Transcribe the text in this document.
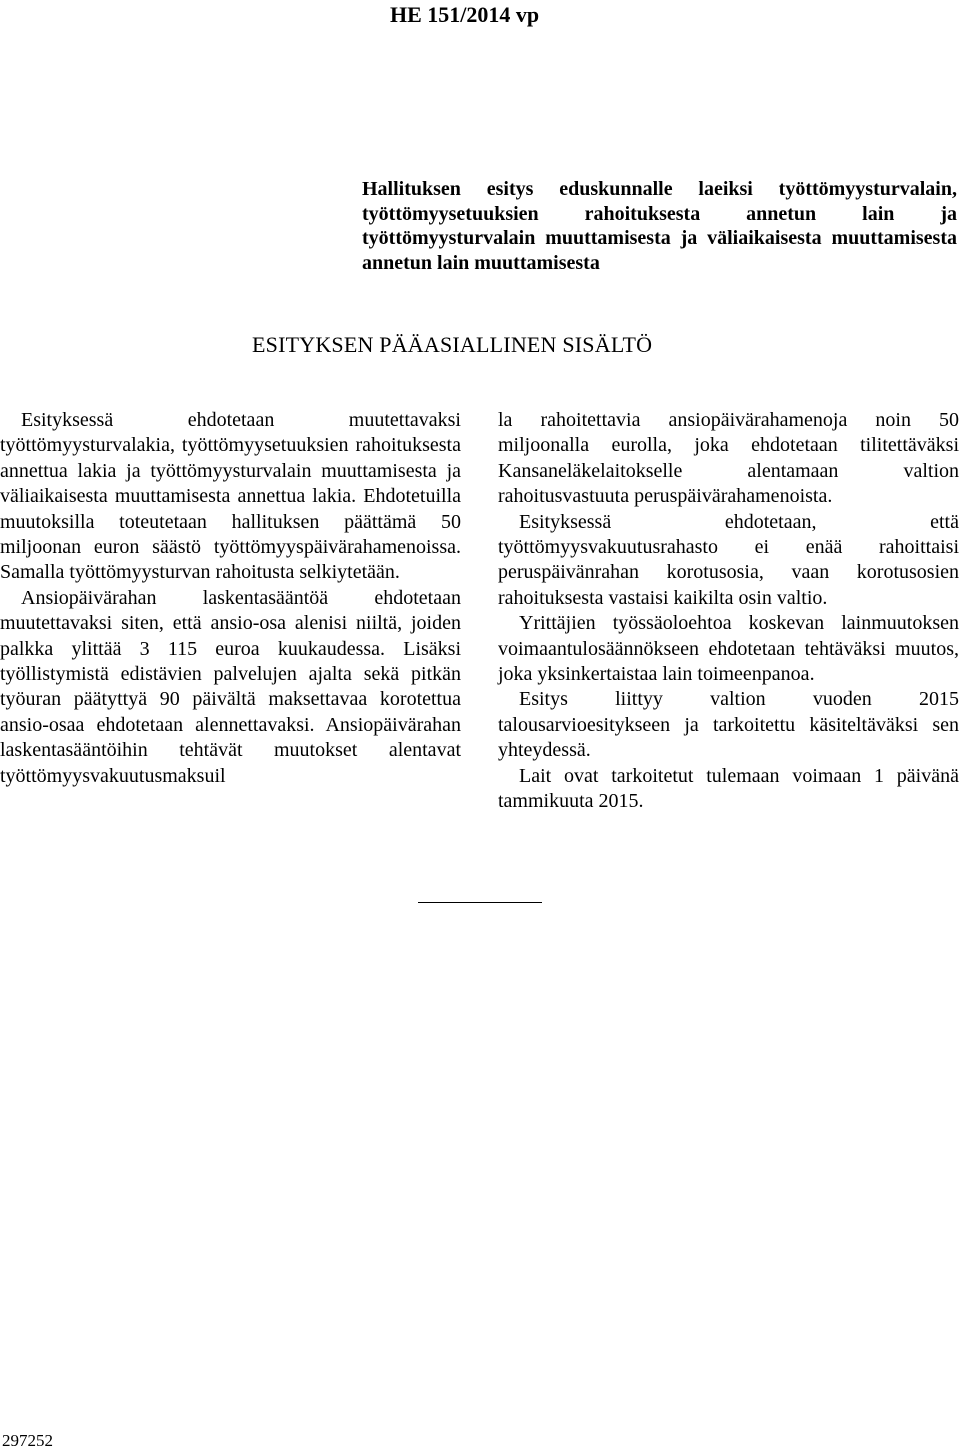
HE 151/2014 vp
Hallituksen esitys eduskunnalle laeiksi työttömyysturvalain, työttömyysetuuksien rahoituksesta annetun lain ja työttömyysturvalain muuttamisesta ja väliaikaisesta muuttamisesta annetun lain muuttamisesta
ESITYKSEN PÄÄASIALLINEN SISÄLTÖ

Esityksessä ehdotetaan muutettavaksi työttömyysturvalakia, työttömyysetuuksien rahoituksesta annettua lakia ja työttömyysturvalain muuttamisesta ja väliaikaisesta muuttamisesta annettua lakia. Ehdotetuilla muutoksilla toteutetaan hallituksen päättämä 50 miljoonan euron säästö työttömyyspäivärahamenoissa. Samalla työttömyysturvan rahoitusta selkiytetään.

Ansiopäivärahan laskentasääntöä ehdotetaan muutettavaksi siten, että ansio-osa alenisi niiltä, joiden palkka ylittää 3 115 euroa kuukaudessa. Lisäksi työllistymistä edistävien palvelujen ajalta sekä pitkän työuran päätyttyä 90 päivältä maksettavaa korotettua ansio-osaa ehdotetaan alennettavaksi. Ansiopäivärahan laskentasääntöihin tehtävät muutokset alentavat työttömyysvakuutusmaksuil

la rahoitettavia ansiopäivärahamenoja noin 50 miljoonalla eurolla, joka ehdotetaan tilitettäväksi Kansaneläkelaitokselle alentamaan valtion rahoitusvastuuta peruspäivärahamenoista.

Esityksessä ehdotetaan, että työttömyysvakuutusrahasto ei enää rahoittaisi peruspäivänrahan korotusosia, vaan korotusosien rahoituksesta vastaisi kaikilta osin valtio.

Yrittäjien työssäoloehtoa koskevan lainmuutoksen voimaantulosäännökseen ehdotetaan tehtäväksi muutos, joka yksinkertaistaa lain toimeenpanoa.

Esitys liittyy valtion vuoden 2015 talousarvioesitykseen ja tarkoitettu käsiteltäväksi sen yhteydessä.

Lait ovat tarkoitetut tulemaan voimaan 1 päivänä tammikuuta 2015.

297252
